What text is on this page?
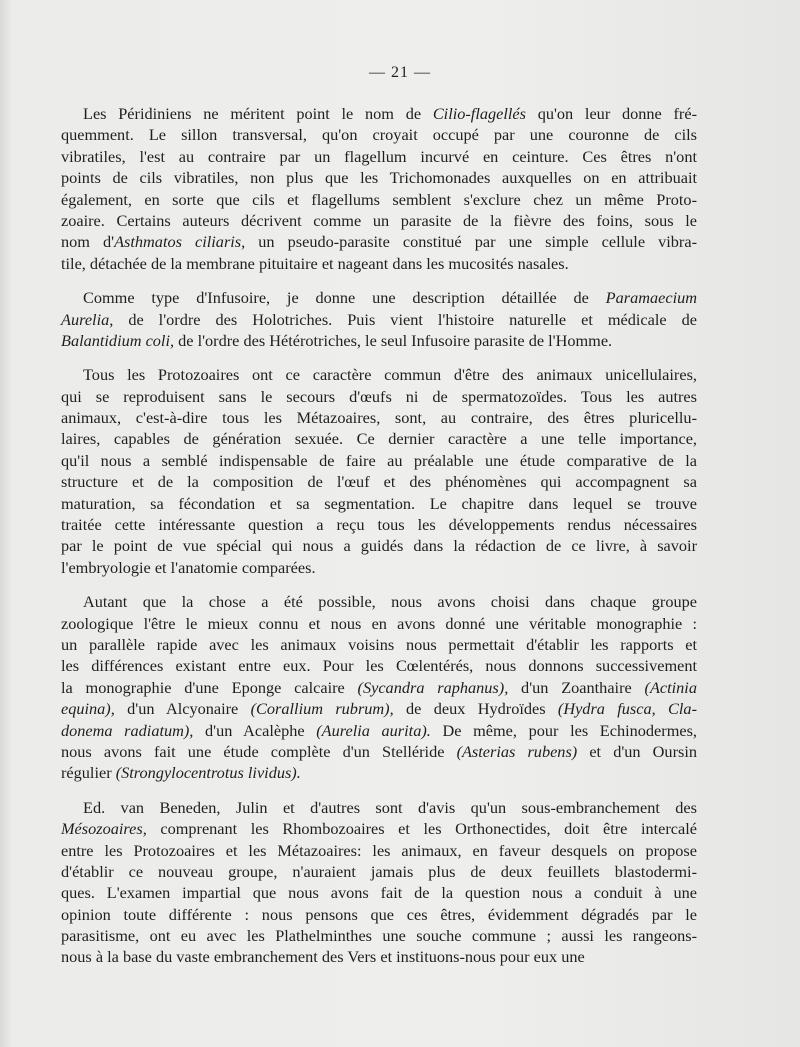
— 21 —
Les Péridiniens ne méritent point le nom de Cilio-flagellés qu'on leur donne fré-
quemment. Le sillon transversal, qu'on croyait occupé par une couronne de cils
vibratiles, l'est au contraire par un flagellum incurvé en ceinture. Ces êtres n'ont
points de cils vibratiles, non plus que les Trichomonades auxquelles on en attribuait
également, en sorte que cils et flagellums semblent s'exclure chez un même Proto-
zoaire. Certains auteurs décrivent comme un parasite de la fièvre des foins, sous le
nom d'Asthmatos ciliaris, un pseudo-parasite constitué par une simple cellule vibra-
tile, détachée de la membrane pituitaire et nageant dans les mucosités nasales.
Comme type d'Infusoire, je donne une description détaillée de Paramaecium
Aurelia, de l'ordre des Holotriches. Puis vient l'histoire naturelle et médicale de
Balantidium coli, de l'ordre des Hétérotriches, le seul Infusoire parasite de l'Homme.
Tous les Protozoaires ont ce caractère commun d'être des animaux unicellulaires,
qui se reproduisent sans le secours d'œufs ni de spermatozoïdes. Tous les autres
animaux, c'est-à-dire tous les Métazoaires, sont, au contraire, des êtres pluricellu-
laires, capables de génération sexuée. Ce dernier caractère a une telle importance,
qu'il nous a semblé indispensable de faire au préalable une étude comparative de la
structure et de la composition de l'œuf et des phénomènes qui accompagnent sa
maturation, sa fécondation et sa segmentation. Le chapitre dans lequel se trouve
traitée cette intéressante question a reçu tous les développements rendus nécessaires
par le point de vue spécial qui nous a guidés dans la rédaction de ce livre, à savoir
l'embryologie et l'anatomie comparées.
Autant que la chose a été possible, nous avons choisi dans chaque groupe
zoologique l'être le mieux connu et nous en avons donné une véritable monographie :
un parallèle rapide avec les animaux voisins nous permettait d'établir les rapports et
les différences existant entre eux. Pour les Cœlentérés, nous donnons successivement
la monographie d'une Eponge calcaire (Sycandra raphanus), d'un Zoanthaire (Actinia
equina), d'un Alcyonaire (Corallium rubrum), de deux Hydroïdes (Hydra fusca, Cla-
donema radiatum), d'un Acalèphe (Aurelia aurita). De même, pour les Echinodermes,
nous avons fait une étude complète d'un Stelléride (Asterias rubens) et d'un Oursin
régulier (Strongylocentrotus lividus).
Ed. van Beneden, Julin et d'autres sont d'avis qu'un sous-embranchement des
Mésozoaires, comprenant les Rhombozoaires et les Orthonectides, doit être intercalé
entre les Protozoaires et les Métazoaires: les animaux, en faveur desquels on propose
d'établir ce nouveau groupe, n'auraient jamais plus de deux feuillets blastodermi-
ques. L'examen impartial que nous avons fait de la question nous a conduit à une
opinion toute différente : nous pensons que ces êtres, évidemment dégradés par le
parasitisme, ont eu avec les Plathelminthes une souche commune ; aussi les rangeons-
nous à la base du vaste embranchement des Vers et instituons-nous pour eux une
